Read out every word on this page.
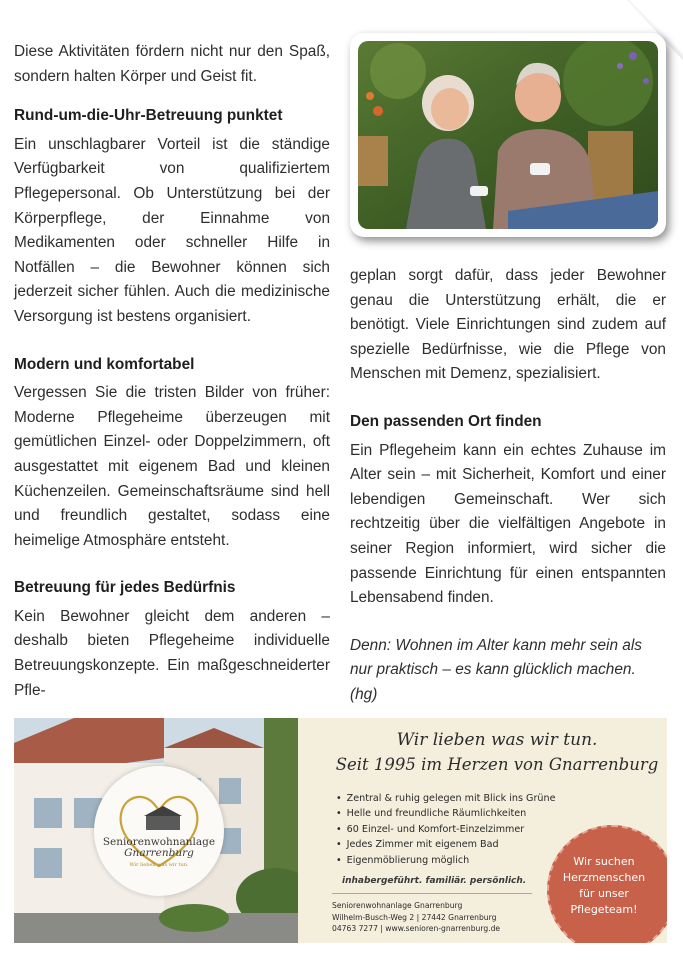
Diese Aktivitäten fördern nicht nur den Spaß, sondern halten Körper und Geist fit.

Rund-um-die-Uhr-Betreuung punktet

Ein unschlagbarer Vorteil ist die ständige Verfügbarkeit von qualifiziertem Pflegepersonal. Ob Unterstützung bei der Körperpflege, der Einnahme von Medikamenten oder schneller Hilfe in Notfällen – die Bewohner können sich jederzeit sicher fühlen. Auch die medizinische Versorgung ist bestens organisiert.

Modern und komfortabel

Vergessen Sie die tristen Bilder von früher: Moderne Pflegeheime überzeugen mit gemütlichen Einzel- oder Doppelzimmern, oft ausgestattet mit eigenem Bad und kleinen Küchenzeilen. Gemeinschaftsräume sind hell und freundlich gestaltet, sodass eine heimelige Atmosphäre entsteht.

Betreuung für jedes Bedürfnis

Kein Bewohner gleicht dem anderen – deshalb bieten Pflegeheime individuelle Betreuungskonzepte. Ein maßgeschneiderter Pfle-

geplan sorgt dafür, dass jeder Bewohner genau die Unterstützung erhält, die er benötigt. Viele Einrichtungen sind zudem auf spezielle Bedürfnisse, wie die Pflege von Menschen mit Demenz, spezialisiert.

Den passenden Ort finden

Ein Pflegeheim kann ein echtes Zuhause im Alter sein – mit Sicherheit, Komfort und einer lebendigen Gemeinschaft. Wer sich rechtzeitig über die vielfältigen Angebote in seiner Region informiert, wird sicher die passende Einrichtung für einen entspannten Lebensabend finden.

Denn: Wohnen im Alter kann mehr sein als nur praktisch – es kann glücklich machen. (hg)

Seniorenwohnanlage
Gnarrenburg
Wir lieben was wir tun.
Wir lieben was wir tun.
Seit 1995 im Herzen von Gnarrenburg
• Zentral & ruhig gelegen mit Blick ins Grüne
• Helle und freundliche Räumlichkeiten
• 60 Einzel- und Komfort-Einzelzimmer
• Jedes Zimmer mit eigenem Bad
• Eigenmöblierung möglich
inhabergeführt. familiär. persönlich.
Seniorenwohnanlage Gnarrenburg
Wilhelm-Busch-Weg 2 | 27442 Gnarrenburg
04763 7277 | www.senioren-gnarrenburg.de
Wir suchen
Herzmenschen
für unser
Pflegeteam!
